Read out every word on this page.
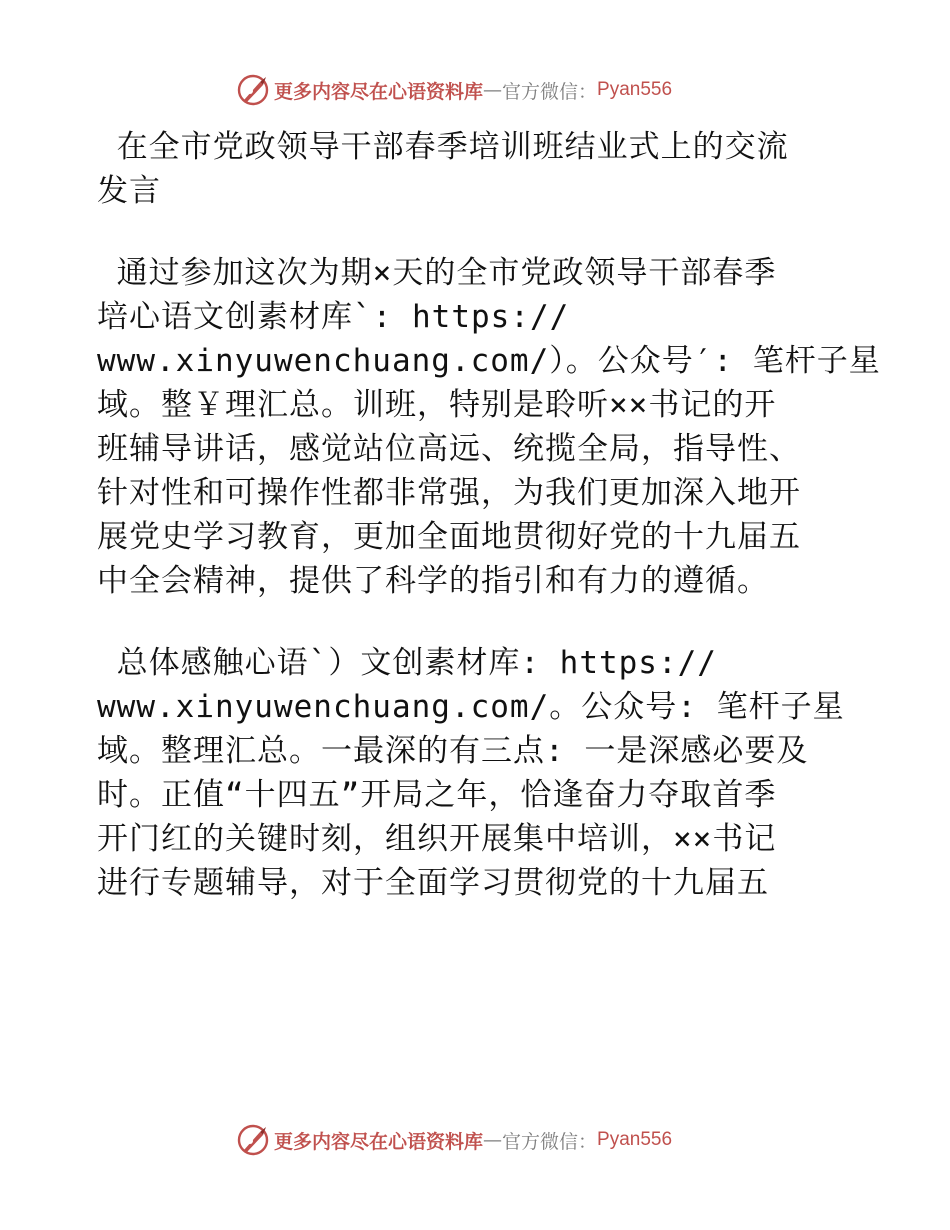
更多内容尽在心语资料库 — 官方微信： Pyan556
在全市党政领导干部春季培训班结业式上的交流
发言
通过参加这次为期×天的全市党政领导干部春季
培心语文创素材库`: https://
www.xinyuwenchuang.com/）。公众号′: 笔杆子星
域。整￥理汇总。训班，特别是聆听××书记的开
班辅导讲话，感觉站位高远、统揽全局，指导性、
针对性和可操作性都非常强，为我们更加深入地开
展党史学习教育，更加全面地贯彻好党的十九届五
中全会精神，提供了科学的指引和有力的遵循。
总体感触心语`）文创素材库: https://
www.xinyuwenchuang.com/。公众号: 笔杆子星
域。整理汇总。一最深的有三点: 一是深感必要及
时。正值“十四五”开局之年，恰逢奋力夺取首季
开门红的关键时刻，组织开展集中培训，××书记
进行专题辅导，对于全面学习贯彻党的十九届五
更多内容尽在心语资料库 — 官方微信： Pyan556
